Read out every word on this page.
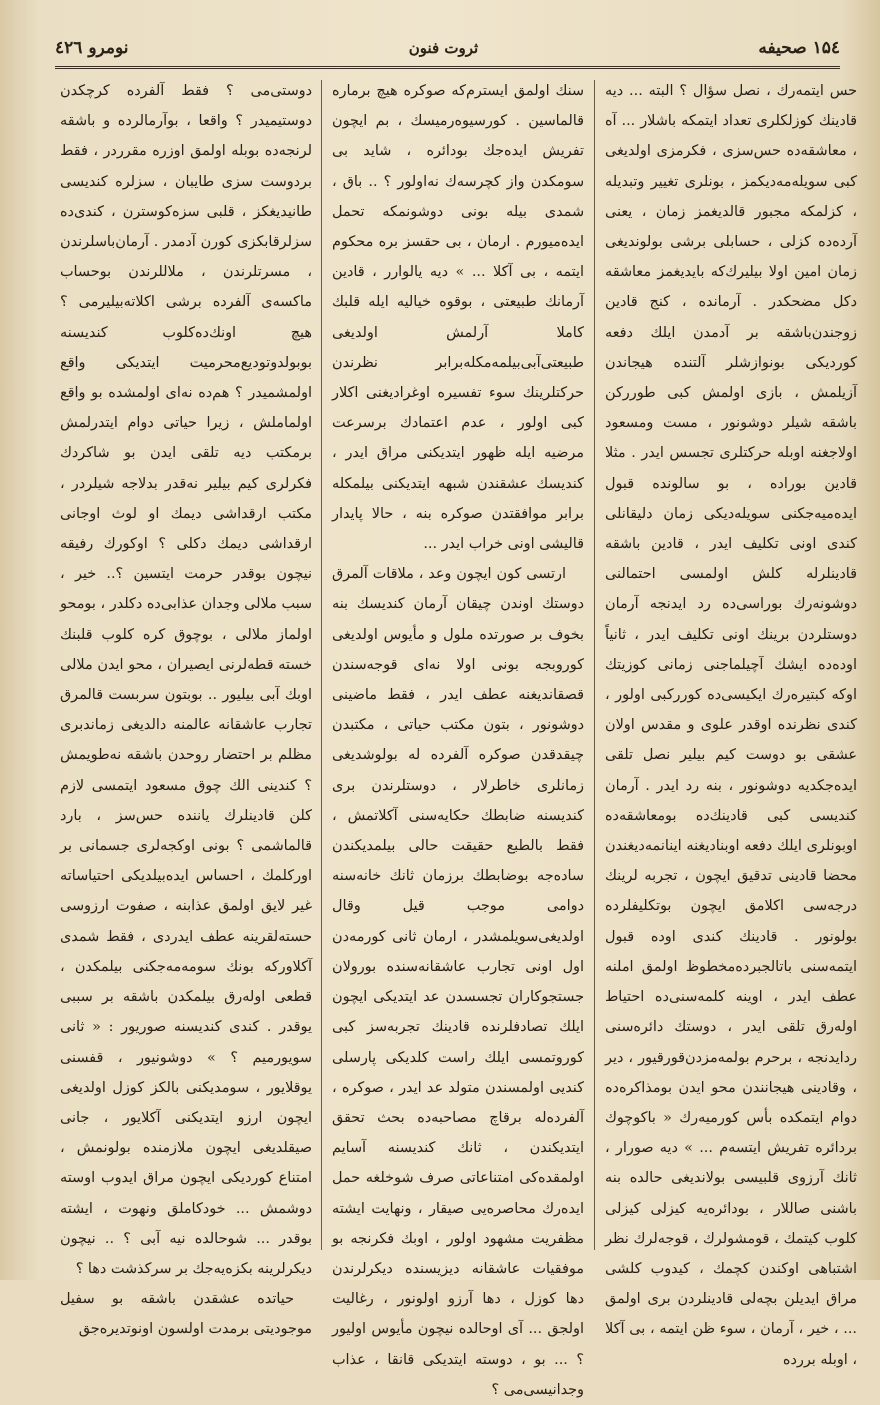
۱۵٤ صحیفه
ثروت فنون
نومرو ٤٢٦

حس ایتمه‌رك ، نصل سؤال ؟ البته ... دیه قادینك كوزلكلری تعداد ایتمكه باشلار ... آه ، معاشقه‌ده حس‌سزی ، فكرمزی اولدیغی كبی سویله‌مه‌دیكمز ، بونلری تغییر وتبدیله ، كزلمكه مجبور قالدیغمز زمان ، یعنی آرده‌ده كزلی ، حسابلی برشی بولوندیغی زمان امین اولا بیلیرك‌که بایدیغمز معاشقه دكل مضحكدر . آرمانده ، كنج قادین زوجندن‌باشقه بر آدمدن ایلك دفعه كوردیكی بونوازشلر آلتنده هیجاندن آزیلمش ، بازی اولمش كبی طورركن باشقه شیلر دوشونور ، مست ومسعود اولاجغنه اوبله حركتلری تجسس ایدر . مثلا قادین بوراده ، بو سالونده قبول ایده‌میه‌جكنی سویله‌دیكی زمان دلیقانلی كندی اونی تكلیف ایدر ، قادین باشقه قادینلرله كلش اولمسی احتمالنی دوشونه‌رك بورا‌سی‌ده رد ایدنجه آرمان دوستلردن برینك اونی تكلیف ایدر ، ثانیاً اوده‌ده ایشك آچیلماجنی زمانی كوزیتك اوكه كبتیره‌رك ایكیسی‌ده كوررکبی اولور ، كندی نظرنده اوقدر علوی و مقدس اولان عشقی بو دوست كیم بیلیر نصل تلقی ایده‌جكدیه دوشونور ، بنه رد ایدر . آرمان كندیسی كبی قادینك‌ده بومعاشقه‌ده اوبونلری ایلك دفعه اوبنادیغنه اینانمه‌دیغندن محضا قادینی تدقیق ایچون ، تجربه لرینك درجه‌سی اكلامق ایچون بوتكلیفلرده بولونور . قادینك كندی اوده قبول ایتمه‌سنی باتالجبرده‌مخطوظ اولمق املنه عطف ایدر ، اوینه كلمه‌سنی‌ده احتیاط اوله‌رق تلقی ایدر ، دوستك دائره‌سنی ردایدنجه ، برحرم بولمه‌مزدن‌قورقیور ، دیر ، وقادینی هیجانندن محو ایدن بومذاكره‌ده دوام ایتمكده بأس كورمیه‌رك « باكوچوك بردائره تفریش ایتسه‌م ... » دیه صورار ، ثانك آرزوی قلبیسی بولاندیغی حالده بنه باشنی صاللار ، بودائره‌یه كیزلی كیزلی كلوب كیتمك ، قومشولرك ، قوجه‌لرك نظر اشتباهی اوكندن كچمك ، كیدوب كلشی مراق ایدیلن بچه‌لی قادینلردن بری اولمق ... ، خیر ، آرمان ، سوء ظن ایتمه ، بی آكلا ، اوبله بررده

سنك اولمق ایسترم‌كه صوكره هیچ برماره قالماسین . كورسیوه‌رمیسك ، بم ایچون تفریش ایده‌جك بودائره ، شاید بی سومكدن واز كچرسه‌ك نه‌اولور ؟ .. باق ، شمدی بیله بونی دوشونمكه تحمل ایده‌میورم . ارمان ، بی حقسز بره محكوم ایتمه ، بی آكلا ... » دیه یالوارر ، قادین آرمانك طبیعتی ، بوقوه خیالیه ایله قلبك كاملا آرلمش اولدیغی طبیعتی‌آبی‌بیلمه‌مكله‌برابر نظرندن حركتلرینك سوء تفسیره اوغرادیغنی اكلار كبی اولور ، عدم اعتمادك برسرعت مرضیه ایله ظهور ایتدیكنی مراق ایدر ، كندیسك عشقندن شبهه ایتدیكنی بیلمكله برابر موافقتدن صوكره بنه ، حالا پایدار قالیشی اونی خراب ایدر ...

ارتسی كون ایچون وعد ، ملاقات آلمرق دوستك اوندن چیقان آرمان كندیسك بنه بخوف بر صورتده ملول و مأیوس اولدیغی كوروبجه بونی اولا نه‌ای قوجه‌سندن قصقاندیغنه عطف ایدر ، فقط ماضینی دوشونور ، بتون مكتب حیاتی ، مكتبدن چیقدقدن صوكره آلفرده‌ له بولوشدیغی زمانلری خاطرلار ، دوستلرندن بری كندیسنه ضابطك حكایه‌سنی آكلاتمش ، فقط بالطبع حقیقت حالی بیلمدیكندن ساده‌جه بوضابطك برزمان ثانك خانه‌سنه دوامی موجب قیل وقال اولدیغی‌سویلمشدر ، ارمان ثانی كورمه‌دن اول اونی تجارب عاشقانه‌سنده بورولان جستجوكاران تجسسدن عد ایتدیكی ایچون ایلك تصادفلرنده قادینك تجربه‌سز كبی كوروتمسی ایلك راست كلدیكی پارسلی كندیی اولمسندن متولد عد ایدر ، صوكره ، آلفرده‌له برقاچ مصاحبه‌ده بحث تحقق ایتدیكندن ، ثانك كندیسنه آسایم اولمقده‌كی امتناعاتی صرف شوخلغه حمل ایده‌رك محاصره‌یی صیقار ، ونهایت ایشته مظفریت مشهود اولور ، اوبك فكرنجه بو موفقیات عاشقانه دیزیسنده دیكرلرندن دها كوزل ، دها آرزو اولونور ، رغالیت اولجق ... آی اوحالده نیچون مأیوس اولیور ؟ ... بو ، دوسته ایتدیكی قانقا ، عذاب وجدانیسی‌می ؟

دوستی‌می ؟ فقط آلفرده كرچكدن دوستیمیدر ؟ واقعا ، بوآرمالرده و باشقه‌ لرنجه‌ده بوبله اولمق اوزره مقرردر ، فقط بردوست سزی طایبان ، سزلره كندیسی طانیدیغكز ، قلبی سزه‌كوسترن ، كندی‌ده سزلرقابكزی كورن آدمدر . آرمان‌باسلرندن ، مسرتلرندن ، ملاللرندن بوحساب ماكسه‌ی آلفرده‌ برشی اكلاته‌بیلیرمی ؟ هیچ اونك‌ده‌كلوب كندیسنه بوبولدوتودیع‌محرمیت ایتدیكی واقع اولمشمیدر ؟ هم‌ده نه‌ای اولمشده بو واقع اولماملش ، زیرا حیاتی دوام ایتدرلمش برمكتب دیه تلقی ایدن بو شاكردك فكرلری كیم بیلیر نه‌قدر بدلاجه شیلردر ، مكتب ارقداشی دیمك او لوث اوجانی ارقداشی دیمك دكلی ؟ اوكورك رفیقه نیچون بوقدر حرمت ایتسین ؟.. خیر ، سبب ملالی وجدان عذابی‌ده دكلدر ، بومحو اولماز ملالی ، بوچوق كره‌ كلوب قلبنك خسته قطه‌لرنی ایصیران ، محو ایدن ملالی اوبك آبی بیلیور .. بوبتون سربست قالمرق تجارب عاشقانه عالمنه دالدیغی زماندبری مظلم بر احتضار روحدن باشقه نه‌طویمش ؟ كندینی الك چوق مسعود ایتمسی لازم كلن قادینلرك یاننده حس‌سز ، بارد قالماشمی ؟ بونی اوكجه‌لری جسمانی بر اوركلمك ، احساس ایده‌بیلدیكی احتیاساته غیر لایق اولمق عذابنه ، صفوت ارزوسی حسته‌لقرینه عطف ایدردی ، فقط شمدی آكلاوركه بونك سومه‌مه‌جكنی بیلمكدن ، قطعی اوله‌رق بیلمكدن باشقه بر سببی یوقدر . كندی كندیسنه صوریور : « ثانی سویورمیم ؟ » دوشونیور ، قفسنی یوقلایور ، سومدیكنی بالكز كوزل اولدیغی ایچون ارزو ایتدیكنی آكلایور ، جانی صیقلدیغی ایچون ملازمنده بولونمش ، امتناع كوردیكی ایچون مراق ایدوب اوسته دوشمش ... خودكاملق ونهوت ، ایشته بوقدر ... شوحالده نیه آبی ؟ .. نیچون دیكرلرینه بكزه‌یه‌جك بر سركذشت دها ؟

حیاتده عشقدن باشقه بو سفیل موجودیتی برمدت اولسون اونوتدیره‌جق
